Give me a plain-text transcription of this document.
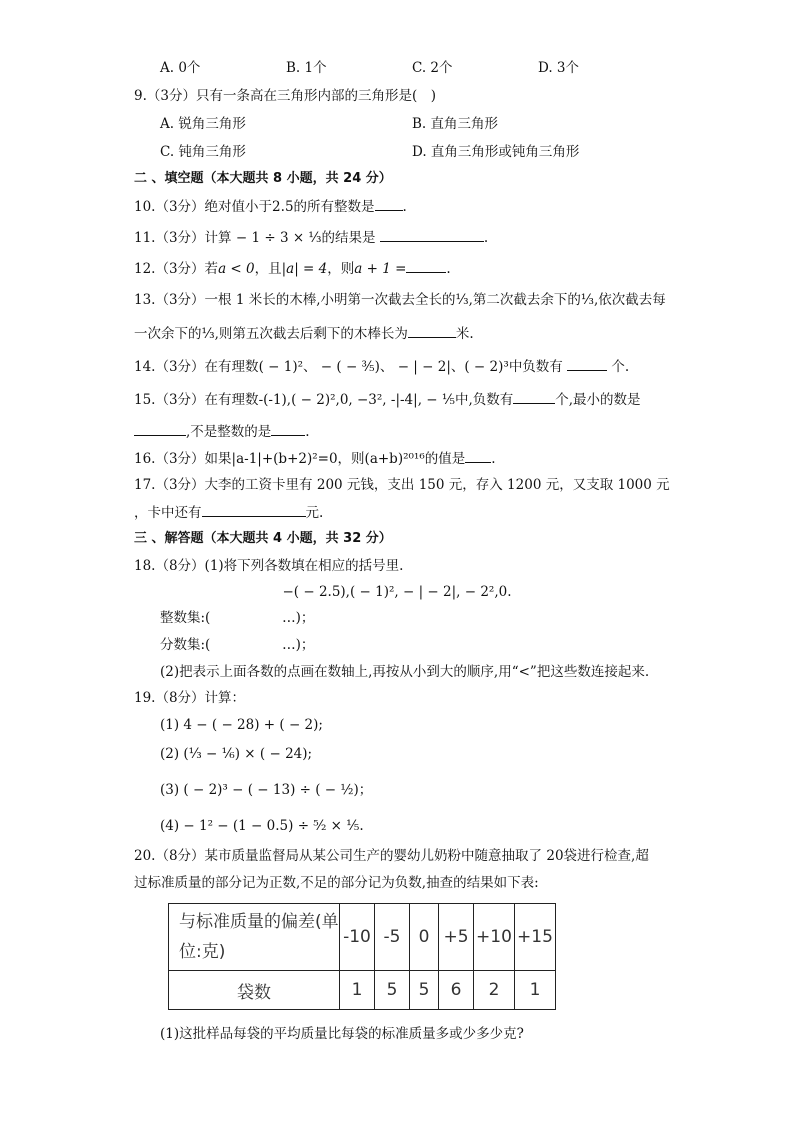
A. 0个	B. 1个	C. 2个	D. 3个
9.（3分）只有一条高在三角形内部的三角形是(　)
A. 锐角三角形	B. 直角三角形
C. 钝角三角形	D. 直角三角形或钝角三角形
二 、填空题（本大题共 8 小题，共 24 分）
10.（3分）绝对值小于2.5的所有整数是 .
11.（3分）计算 − 1 ÷ 3 × ⅓的结果是	.
12.（3分）若a < 0，且|a| = 4，则a + 1 =	.
13.（3分）一根 1 米长的木棒,小明第一次截去全长的⅓,第二次截去余下的⅓,依次截去每
一次余下的⅓,则第五次截去后剩下的木棒长为	米.
14.（3分）在有理数( − 1)²、 − ( − ⅗)、 − | − 2|、( − 2)³中负数有	个.
15.（3分）在有理数-(-1),( − 2)²,0, −3², -|-4|, − ⅕中,负数有	个,最小的数是
,不是整数的是	.
16.（3分）如果|a-1|+(b+2)²=0，则(a+b)²⁰¹⁶的值是 .
17.（3分）大李的工资卡里有 200 元钱，支出 150 元，存入 1200 元，又支取 1000 元
，卡中还有	元.
三 、解答题（本大题共 4 小题，共 32 分）
18.（8分）(1)将下列各数填在相应的括号里.
−( − 2.5),( − 1)², − | − 2|, − 2²,0.
整数集:(　　　　　 …)；
分数集:(　　　　　 …)；
(2)把表示上面各数的点画在数轴上,再按从小到大的顺序,用“<”把这些数连接起来.
19.（8分）计算：
(1) 4 − ( − 28) + ( − 2);
(2) (⅓ − ⅙) × ( − 24);
(3) ( − 2)³ − ( − 13) ÷ ( − ½)；
(4) − 1² − (1 − 0.5) ÷ ⁵⁄₂ × ⅕.
20.（8分）某市质量监督局从某公司生产的婴幼儿奶粉中随意抽取了 20袋进行检查,超
过标准质量的部分记为正数,不足的部分记为负数,抽查的结果如下表:
与标准质量的偏差(单位:克)	-10	-5	0	+5	+10	+15
袋数	1	5	5	6	2	1
(1)这批样品每袋的平均质量比每袋的标准质量多或少多少克?
